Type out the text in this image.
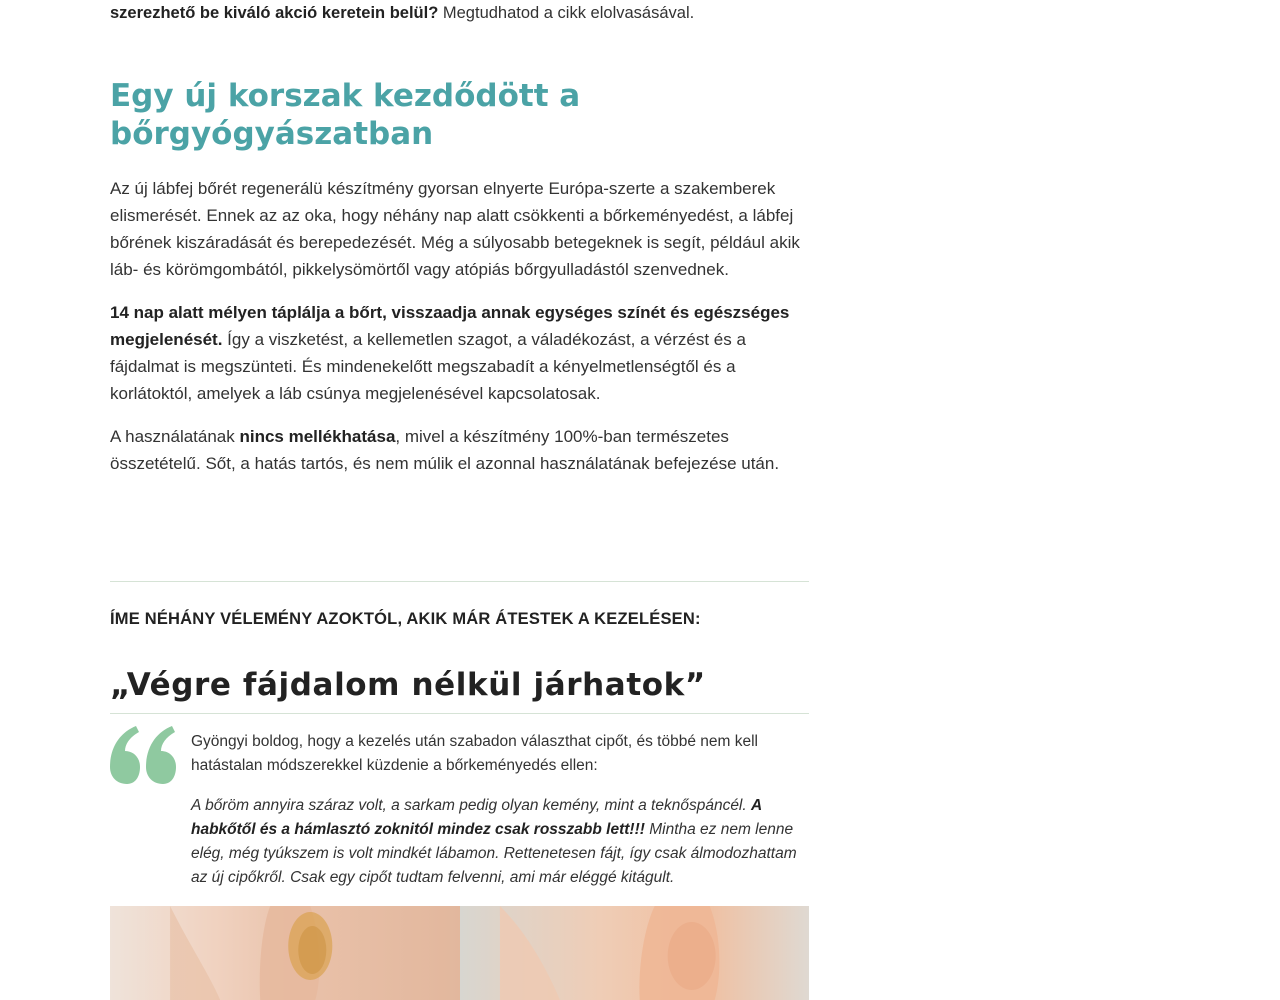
szerezhető be kiváló akció keretein belül? Megtudhatod a cikk elolvasásával.

Egy új korszak kezdődött a bőrgyógyászatban

Az új lábfej bőrét regenerálü készítmény gyorsan elnyerte Európa-szerte a szakemberek elismerését. Ennek az az oka, hogy néhány nap alatt csökkenti a bőrkeményedést, a lábfej bőrének kiszáradását és berepedezését. Még a súlyosabb betegeknek is segít, például akik láb- és körömgombától, pikkelysömörtől vagy atópiás bőrgyulladástól szenvednek.

14 nap alatt mélyen táplálja a bőrt, visszaadja annak egységes színét és egészséges megjelenését. Így a viszketést, a kellemetlen szagot, a váladékozást, a vérzést és a fájdalmat is megszünteti. És mindenekelőtt megszabadít a kényelmetlenségtől és a korlátoktól, amelyek a láb csúnya megjelenésével kapcsolatosak.

A használatának nincs mellékhatása, mivel a készítmény 100%-ban természetes összetételű. Sőt, a hatás tartós, és nem múlik el azonnal használatának befejezése után.

ÍME NÉHÁNY VÉLEMÉNY AZOKTÓL, AKIK MÁR ÁTESTEK A KEZELÉSEN:

„Végre fájdalom nélkül járhatok”

Gyöngyi boldog, hogy a kezelés után szabadon választhat cipőt, és többé nem kell hatástalan módszerekkel küzdenie a bőrkeményedés ellen:

A bőröm annyira száraz volt, a sarkam pedig olyan kemény, mint a teknőspáncél. A habkőtől és a hámlasztó zoknitól mindez csak rosszabb lett!!! Mintha ez nem lenne elég, még tyúkszem is volt mindkét lábamon. Rettenetesen fájt, így csak álmodozhattam az új cipőkről. Csak egy cipőt tudtam felvenni, ami már eléggé kitágult.
